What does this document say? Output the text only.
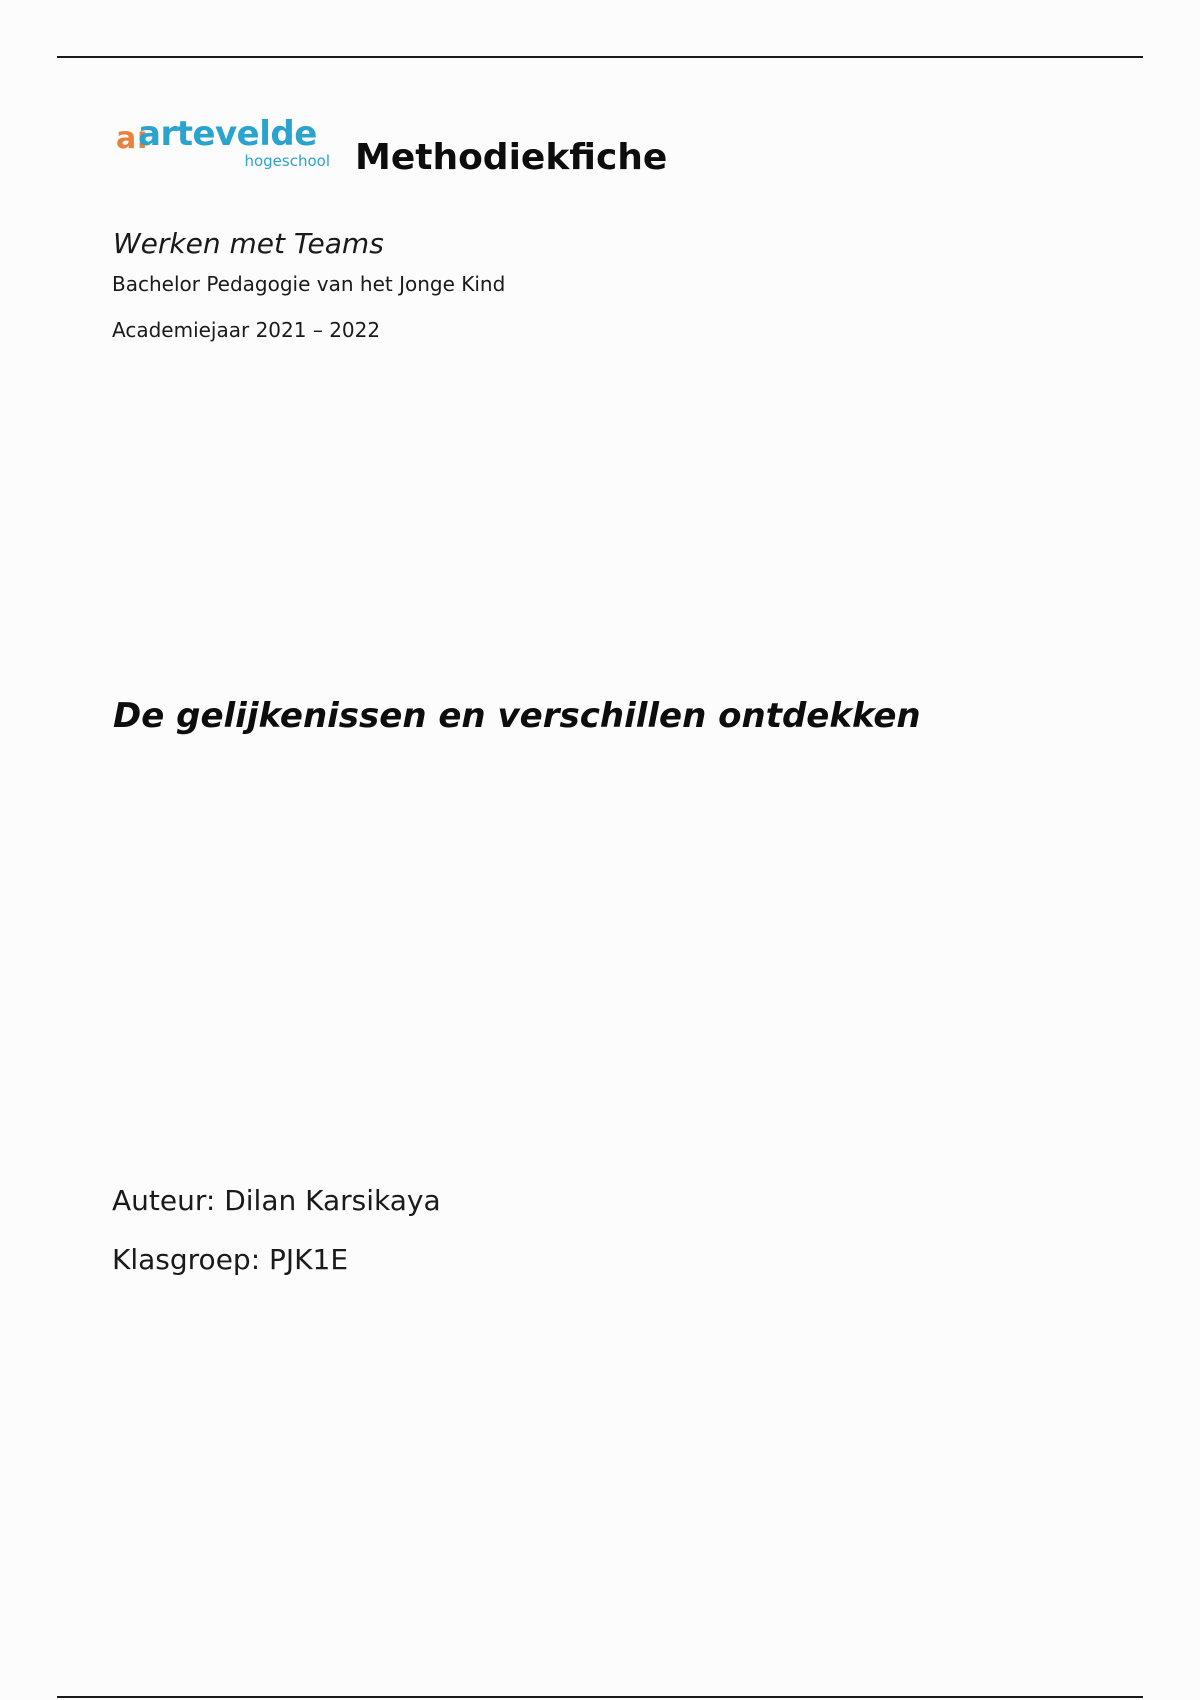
a:
artevelde
hogeschool Methodiekfiche
Werken met Teams
Bachelor Pedagogie van het Jonge Kind
Academiejaar 2021 – 2022
De gelijkenissen en verschillen ontdekken
Auteur: Dilan Karsikaya
Klasgroep: PJK1E
